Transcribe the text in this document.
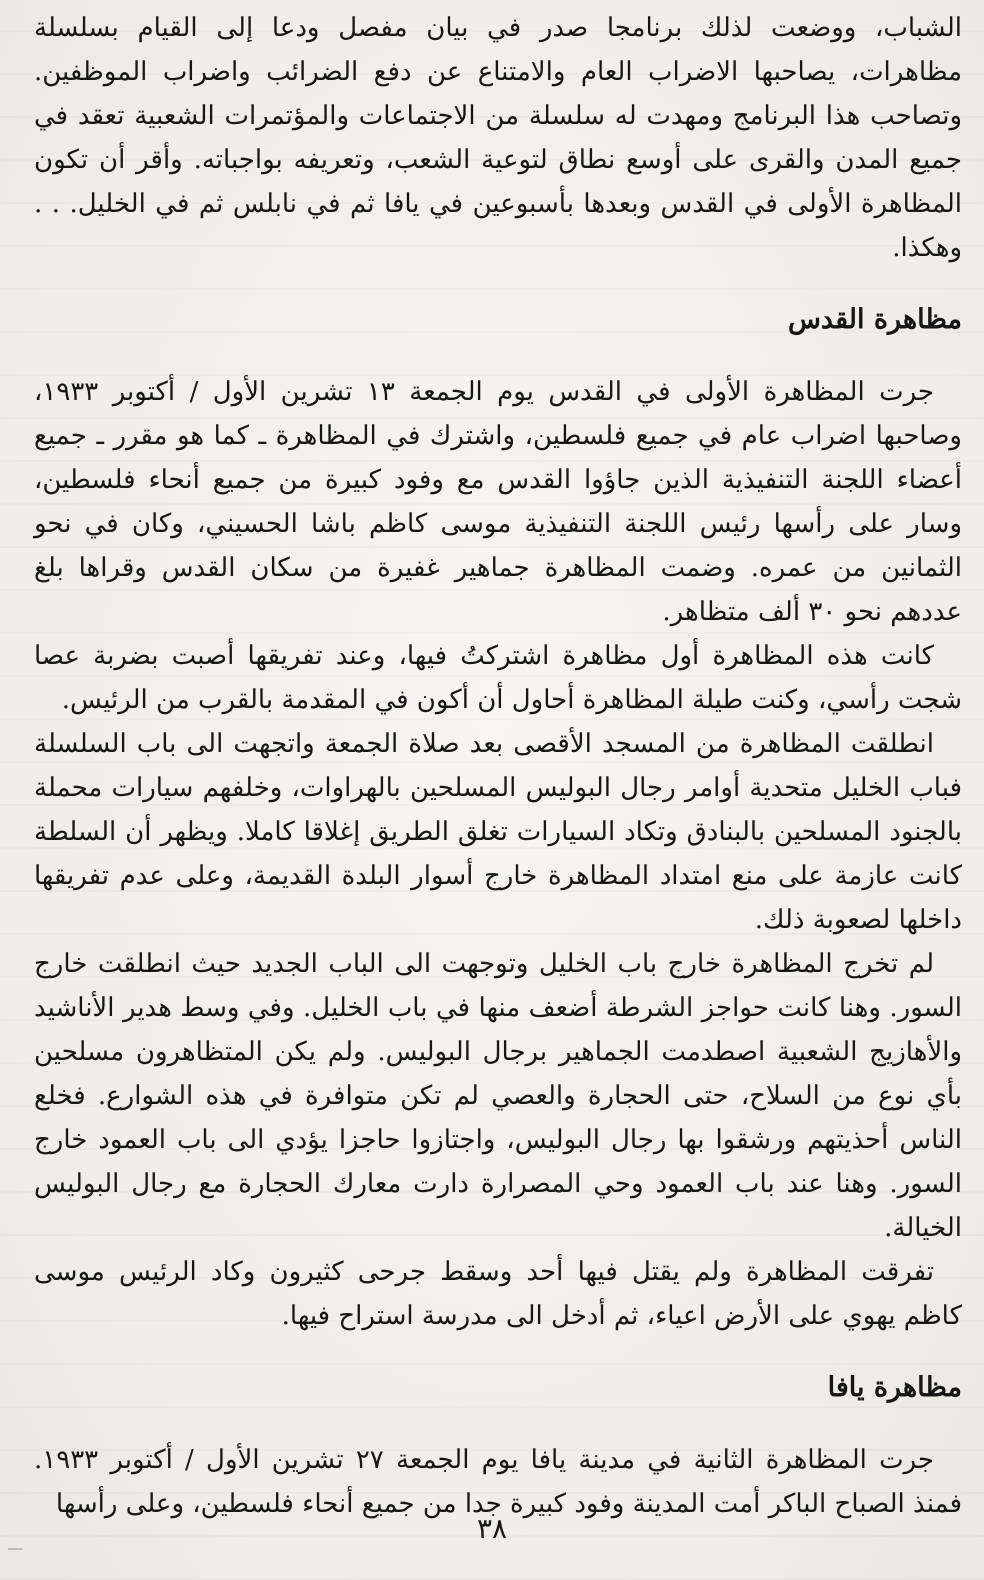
الشباب، ووضعت لذلك برنامجا صدر في بيان مفصل ودعا إلى القيام بسلسلة مظاهرات، يصاحبها الاضراب العام والامتناع عن دفع الضرائب واضراب الموظفين. وتصاحب هذا البرنامج ومهدت له سلسلة من الاجتماعات والمؤتمرات الشعبية تعقد في جميع المدن والقرى على أوسع نطاق لتوعية الشعب، وتعريفه بواجباته. وأقر أن تكون المظاهرة الأولى في القدس وبعدها بأسبوعين في يافا ثم في نابلس ثم في الخليل. . . وهكذا.

مظاهرة القدس

جرت المظاهرة الأولى في القدس يوم الجمعة ١٣ تشرين الأول / أكتوبر ١٩٣٣، وصاحبها اضراب عام في جميع فلسطين، واشترك في المظاهرة ـ كما هو مقرر ـ جميع أعضاء اللجنة التنفيذية الذين جاؤوا القدس مع وفود كبيرة من جميع أنحاء فلسطين، وسار على رأسها رئيس اللجنة التنفيذية موسى كاظم باشا الحسيني، وكان في نحو الثمانين من عمره. وضمت المظاهرة جماهير غفيرة من سكان القدس وقراها بلغ عددهم نحو ٣٠ ألف متظاهر.

كانت هذه المظاهرة أول مظاهرة اشتركتُ فيها، وعند تفريقها أصبت بضربة عصا شجت رأسي، وكنت طيلة المظاهرة أحاول أن أكون في المقدمة بالقرب من الرئيس.

انطلقت المظاهرة من المسجد الأقصى بعد صلاة الجمعة واتجهت الى باب السلسلة فباب الخليل متحدية أوامر رجال البوليس المسلحين بالهراوات، وخلفهم سيارات محملة بالجنود المسلحين بالبنادق وتكاد السيارات تغلق الطريق إغلاقا كاملا. ويظهر أن السلطة كانت عازمة على منع امتداد المظاهرة خارج أسوار البلدة القديمة، وعلى عدم تفريقها داخلها لصعوبة ذلك.

لم تخرج المظاهرة خارج باب الخليل وتوجهت الى الباب الجديد حيث انطلقت خارج السور. وهنا كانت حواجز الشرطة أضعف منها في باب الخليل. وفي وسط هدير الأناشيد والأهازيج الشعبية اصطدمت الجماهير برجال البوليس. ولم يكن المتظاهرون مسلحين بأي نوع من السلاح، حتى الحجارة والعصي لم تكن متوافرة في هذه الشوارع. فخلع الناس أحذيتهم ورشقوا بها رجال البوليس، واجتازوا حاجزا يؤدي الى باب العمود خارج السور. وهنا عند باب العمود وحي المصرارة دارت معارك الحجارة مع رجال البوليس الخيالة.

تفرقت المظاهرة ولم يقتل فيها أحد وسقط جرحى كثيرون وكاد الرئيس موسى كاظم يهوي على الأرض اعياء، ثم أدخل الى مدرسة استراح فيها.

مظاهرة يافا

جرت المظاهرة الثانية في مدينة يافا يوم الجمعة ٢٧ تشرين الأول / أكتوبر ١٩٣٣. فمنذ الصباح الباكر أمت المدينة وفود كبيرة جدا من جميع أنحاء فلسطين، وعلى رأسها

٣٨
